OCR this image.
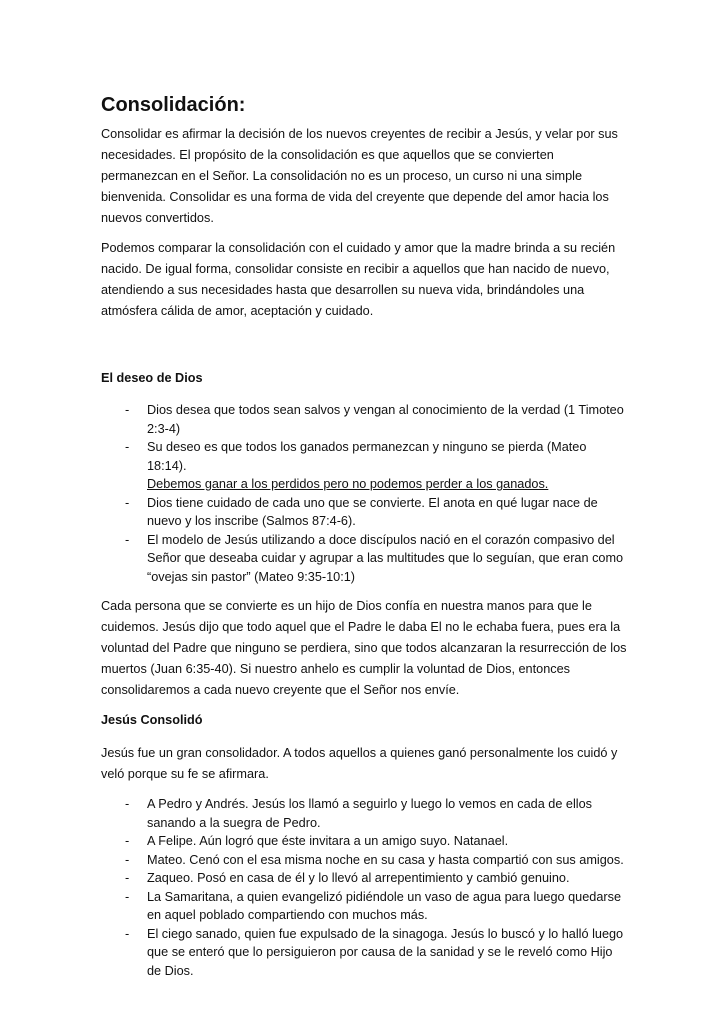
Consolidación:

Consolidar es afirmar la decisión de los nuevos creyentes de recibir a Jesús, y velar por sus necesidades. El propósito de la consolidación es que aquellos que se convierten permanezcan en el Señor. La consolidación no es un proceso, un curso ni una simple bienvenida. Consolidar es una forma de vida del creyente que depende del amor hacia los nuevos convertidos.

Podemos comparar la consolidación con el cuidado y amor que la madre brinda a su recién nacido. De igual forma, consolidar consiste en recibir a aquellos que han nacido de nuevo, atendiendo a sus necesidades hasta que desarrollen su nueva vida, brindándoles una atmósfera cálida de amor, aceptación y cuidado.

El deseo de Dios

- Dios desea que todos sean salvos y vengan al conocimiento de la verdad (1 Timoteo 2:3-4)
- Su deseo es que todos los ganados permanezcan y ninguno se pierda (Mateo 18:14).
Debemos ganar a los perdidos pero no podemos perder a los ganados.
- Dios tiene cuidado de cada uno que se convierte. El anota en qué lugar nace de nuevo y los inscribe (Salmos 87:4-6).
- El modelo de Jesús utilizando a doce discípulos nació en el corazón compasivo del Señor que deseaba cuidar y agrupar a las multitudes que lo seguían, que eran como “ovejas sin pastor” (Mateo 9:35-10:1)

Cada persona que se convierte es un hijo de Dios confía en nuestra manos para que le cuidemos. Jesús dijo que todo aquel que el Padre le daba El no le echaba fuera, pues era la voluntad del Padre que ninguno se perdiera, sino que todos alcanzaran la resurrección de los muertos (Juan 6:35-40). Si nuestro anhelo es cumplir la voluntad de Dios, entonces consolidaremos a cada nuevo creyente que el Señor nos envíe.

Jesús Consolidó

Jesús fue un gran consolidador. A todos aquellos a quienes ganó personalmente los cuidó y veló porque su fe se afirmara.

- A Pedro y Andrés. Jesús los llamó a seguirlo y luego lo vemos en cada de ellos sanando a la suegra de Pedro.
- A Felipe. Aún logró que éste invitara a un amigo suyo. Natanael.
- Mateo. Cenó con el esa misma noche en su casa y hasta compartió con sus amigos.
- Zaqueo. Posó en casa de él y lo llevó al arrepentimiento y cambió genuino.
- La Samaritana, a quien evangelizó pidiéndole un vaso de agua para luego quedarse en aquel poblado compartiendo con muchos más.
- El ciego sanado, quien fue expulsado de la sinagoga. Jesús lo buscó y lo halló luego que se enteró que lo persiguieron por causa de la sanidad y se le reveló como Hijo de Dios.
